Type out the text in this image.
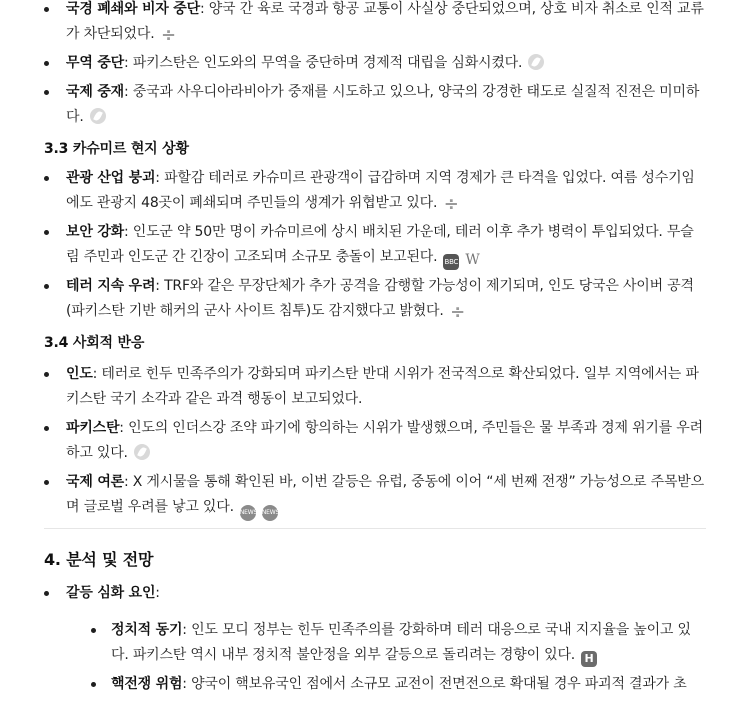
국경 폐쇄와 비자 중단: 양국 간 육로 국경과 항공 교통이 사실상 중단되었으며, 상호 비자 취소로 인적 교류가 차단되었다. ÷
무역 중단: 파키스탄은 인도와의 무역을 중단하며 경제적 대립을 심화시켰다.
국제 중재: 중국과 사우디아라비아가 중재를 시도하고 있으나, 양국의 강경한 태도로 실질적 진전은 미미하다.
3.3 카슈미르 현지 상황
관광 산업 붕괴: 파할감 테러로 카슈미르 관광객이 급감하며 지역 경제가 큰 타격을 입었다. 여름 성수기임에도 관광지 48곳이 폐쇄되며 주민들의 생계가 위협받고 있다. ÷
보안 강화: 인도군 약 50만 명이 카슈미르에 상시 배치된 가운데, 테러 이후 추가 병력이 투입되었다. 무슬림 주민과 인도군 간 긴장이 고조되며 소규모 충돌이 보고된다. BBC W
테러 지속 우려: TRF와 같은 무장단체가 추가 공격을 감행할 가능성이 제기되며, 인도 당국은 사이버 공격(파키스탄 기반 해커의 군사 사이트 침투)도 감지했다고 밝혔다. ÷
3.4 사회적 반응
인도: 테러로 힌두 민족주의가 강화되며 파키스탄 반대 시위가 전국적으로 확산되었다. 일부 지역에서는 파키스탄 국기 소각과 같은 과격 행동이 보고되었다.
파키스탄: 인도의 인더스강 조약 파기에 항의하는 시위가 발생했으며, 주민들은 물 부족과 경제 위기를 우려하고 있다.
국제 여론: X 게시물을 통해 확인된 바, 이번 갈등은 유럽, 중동에 이어 “세 번째 전쟁” 가능성으로 주목받으며 글로벌 우려를 낳고 있다. NEWS NEWS
4. 분석 및 전망
갈등 심화 요인:
정치적 동기: 인도 모디 정부는 힌두 민족주의를 강화하며 테러 대응으로 국내 지지율을 높이고 있다. 파키스탄 역시 내부 정치적 불안정을 외부 갈등으로 돌리려는 경향이 있다. H
핵전쟁 위험: 양국이 핵보유국인 점에서 소규모 교전이 전면전으로 확대될 경우 파괴적 결과가 초
